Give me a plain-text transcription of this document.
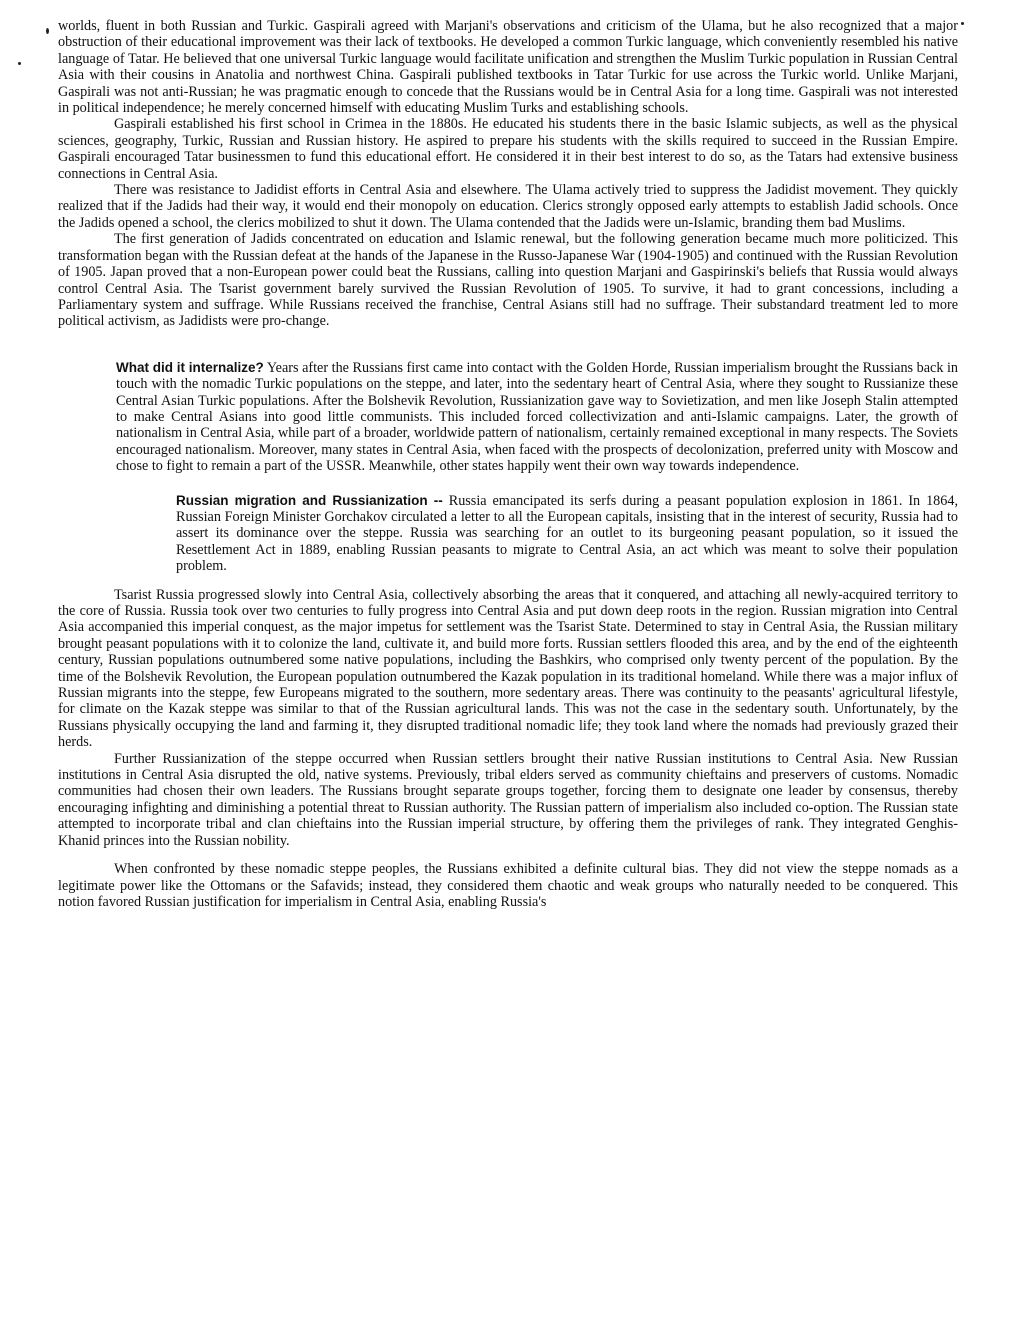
worlds, fluent in both Russian and Turkic. Gaspirali agreed with Marjani's observations and criticism of the Ulama, but he also recognized that a major obstruction of their educational improvement was their lack of textbooks. He developed a common Turkic language, which conveniently resembled his native language of Tatar. He believed that one universal Turkic language would facilitate unification and strengthen the Muslim Turkic population in Russian Central Asia with their cousins in Anatolia and northwest China. Gaspirali published textbooks in Tatar Turkic for use across the Turkic world. Unlike Marjani, Gaspirali was not anti-Russian; he was pragmatic enough to concede that the Russians would be in Central Asia for a long time. Gaspirali was not interested in political independence; he merely concerned himself with educating Muslim Turks and establishing schools.

Gaspirali established his first school in Crimea in the 1880s. He educated his students there in the basic Islamic subjects, as well as the physical sciences, geography, Turkic, Russian and Russian history. He aspired to prepare his students with the skills required to succeed in the Russian Empire. Gaspirali encouraged Tatar businessmen to fund this educational effort. He considered it in their best interest to do so, as the Tatars had extensive business connections in Central Asia.

There was resistance to Jadidist efforts in Central Asia and elsewhere. The Ulama actively tried to suppress the Jadidist movement. They quickly realized that if the Jadids had their way, it would end their monopoly on education. Clerics strongly opposed early attempts to establish Jadid schools. Once the Jadids opened a school, the clerics mobilized to shut it down. The Ulama contended that the Jadids were un-Islamic, branding them bad Muslims.

The first generation of Jadids concentrated on education and Islamic renewal, but the following generation became much more politicized. This transformation began with the Russian defeat at the hands of the Japanese in the Russo-Japanese War (1904-1905) and continued with the Russian Revolution of 1905. Japan proved that a non-European power could beat the Russians, calling into question Marjani and Gaspirinski's beliefs that Russia would always control Central Asia. The Tsarist government barely survived the Russian Revolution of 1905. To survive, it had to grant concessions, including a Parliamentary system and suffrage. While Russians received the franchise, Central Asians still had no suffrage. Their substandard treatment led to more political activism, as Jadidists were pro-change.

What did it internalize? Years after the Russians first came into contact with the Golden Horde, Russian imperialism brought the Russians back in touch with the nomadic Turkic populations on the steppe, and later, into the sedentary heart of Central Asia, where they sought to Russianize these Central Asian Turkic populations. After the Bolshevik Revolution, Russianization gave way to Sovietization, and men like Joseph Stalin attempted to make Central Asians into good little communists. This included forced collectivization and anti-Islamic campaigns. Later, the growth of nationalism in Central Asia, while part of a broader, worldwide pattern of nationalism, certainly remained exceptional in many respects. The Soviets encouraged nationalism. Moreover, many states in Central Asia, when faced with the prospects of decolonization, preferred unity with Moscow and chose to fight to remain a part of the USSR. Meanwhile, other states happily went their own way towards independence.

Russian migration and Russianization -- Russia emancipated its serfs during a peasant population explosion in 1861. In 1864, Russian Foreign Minister Gorchakov circulated a letter to all the European capitals, insisting that in the interest of security, Russia had to assert its dominance over the steppe. Russia was searching for an outlet to its burgeoning peasant population, so it issued the Resettlement Act in 1889, enabling Russian peasants to migrate to Central Asia, an act which was meant to solve their population problem.

Tsarist Russia progressed slowly into Central Asia, collectively absorbing the areas that it conquered, and attaching all newly-acquired territory to the core of Russia. Russia took over two centuries to fully progress into Central Asia and put down deep roots in the region. Russian migration into Central Asia accompanied this imperial conquest, as the major impetus for settlement was the Tsarist State. Determined to stay in Central Asia, the Russian military brought peasant populations with it to colonize the land, cultivate it, and build more forts. Russian settlers flooded this area, and by the end of the eighteenth century, Russian populations outnumbered some native populations, including the Bashkirs, who comprised only twenty percent of the population. By the time of the Bolshevik Revolution, the European population outnumbered the Kazak population in its traditional homeland. While there was a major influx of Russian migrants into the steppe, few Europeans migrated to the southern, more sedentary areas. There was continuity to the peasants' agricultural lifestyle, for climate on the Kazak steppe was similar to that of the Russian agricultural lands. This was not the case in the sedentary south. Unfortunately, by the Russians physically occupying the land and farming it, they disrupted traditional nomadic life; they took land where the nomads had previously grazed their herds.

Further Russianization of the steppe occurred when Russian settlers brought their native Russian institutions to Central Asia. New Russian institutions in Central Asia disrupted the old, native systems. Previously, tribal elders served as community chieftains and preservers of customs. Nomadic communities had chosen their own leaders. The Russians brought separate groups together, forcing them to designate one leader by consensus, thereby encouraging infighting and diminishing a potential threat to Russian authority. The Russian pattern of imperialism also included co-option. The Russian state attempted to incorporate tribal and clan chieftains into the Russian imperial structure, by offering them the privileges of rank. They integrated Genghis-Khanid princes into the Russian nobility.

When confronted by these nomadic steppe peoples, the Russians exhibited a definite cultural bias. They did not view the steppe nomads as a legitimate power like the Ottomans or the Safavids; instead, they considered them chaotic and weak groups who naturally needed to be conquered. This notion favored Russian justification for imperialism in Central Asia, enabling Russia's
